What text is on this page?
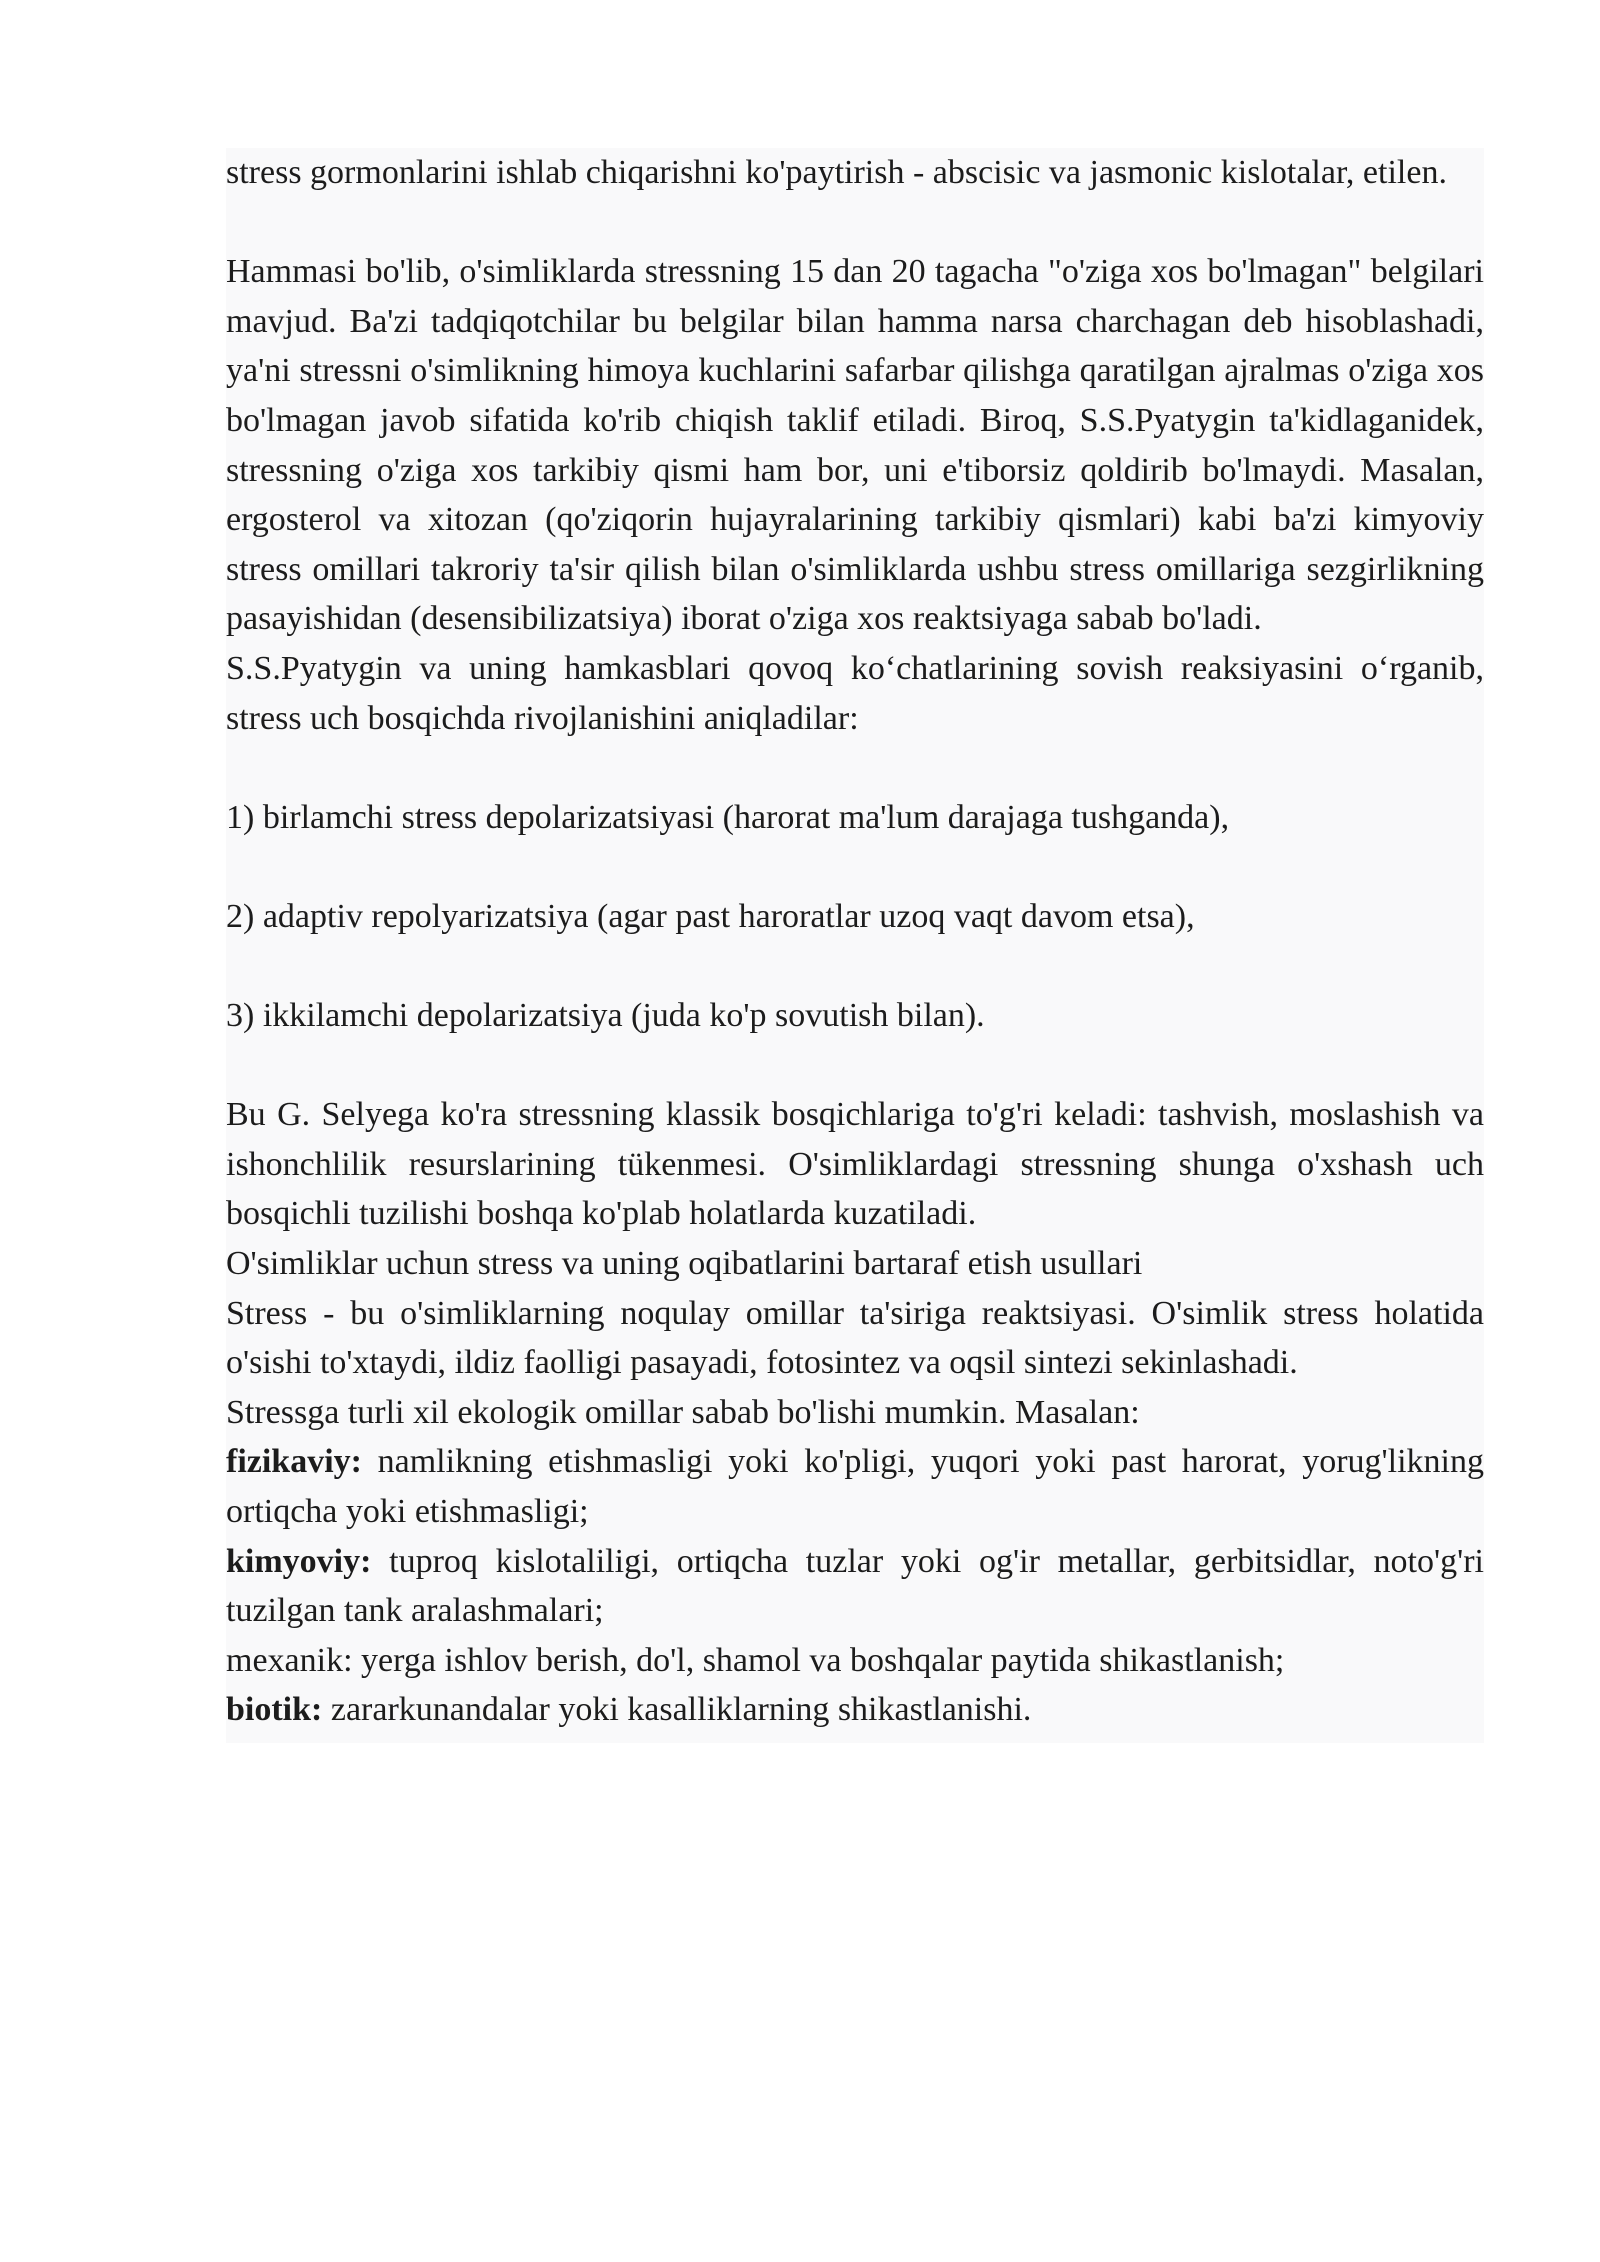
stress gormonlarini ishlab chiqarishni ko'paytirish - abscisic va jasmonic kislotalar, etilen.

Hammasi bo'lib, o'simliklarda stressning 15 dan 20 tagacha "o'ziga xos bo'lmagan" belgilari mavjud. Ba'zi tadqiqotchilar bu belgilar bilan hamma narsa charchagan deb hisoblashadi, ya'ni stressni o'simlikning himoya kuchlarini safarbar qilishga qaratilgan ajralmas o'ziga xos bo'lmagan javob sifatida ko'rib chiqish taklif etiladi. Biroq, S.S.Pyatygin ta'kidlaganidek, stressning o'ziga xos tarkibiy qismi ham bor, uni e'tiborsiz qoldirib bo'lmaydi. Masalan, ergosterol va xitozan (qo'ziqorin hujayralarining tarkibiy qismlari) kabi ba'zi kimyoviy stress omillari takroriy ta'sir qilish bilan o'simliklarda ushbu stress omillariga sezgirlikning pasayishidan (desensibilizatsiya) iborat o'ziga xos reaktsiyaga sabab bo'ladi.

S.S.Pyatygin va uning hamkasblari qovoq ko‘chatlarining sovish reaksiyasini o‘rganib, stress uch bosqichda rivojlanishini aniqladilar:

1) birlamchi stress depolarizatsiyasi (harorat ma'lum darajaga tushganda),

2) adaptiv repolyarizatsiya (agar past haroratlar uzoq vaqt davom etsa),

3) ikkilamchi depolarizatsiya (juda ko'p sovutish bilan).

Bu G. Selyega ko'ra stressning klassik bosqichlariga to'g'ri keladi: tashvish, moslashish va ishonchlilik resurslarining tükenmesi. O'simliklardagi stressning shunga o'xshash uch bosqichli tuzilishi boshqa ko'plab holatlarda kuzatiladi.

O'simliklar uchun stress va uning oqibatlarini bartaraf etish usullari

Stress - bu o'simliklarning noqulay omillar ta'siriga reaktsiyasi. O'simlik stress holatida o'sishi to'xtaydi, ildiz faolligi pasayadi, fotosintez va oqsil sintezi sekinlashadi.

Stressga turli xil ekologik omillar sabab bo'lishi mumkin. Masalan:

fizikaviy: namlikning etishmasligi yoki ko'pligi, yuqori yoki past harorat, yorug'likning ortiqcha yoki etishmasligi;

kimyoviy: tuproq kislotaliligi, ortiqcha tuzlar yoki og'ir metallar, gerbitsidlar, noto'g'ri tuzilgan tank aralashmalari;

mexanik: yerga ishlov berish, do'l, shamol va boshqalar paytida shikastlanish;

biotik: zararkunandalar yoki kasalliklarning shikastlanishi.
